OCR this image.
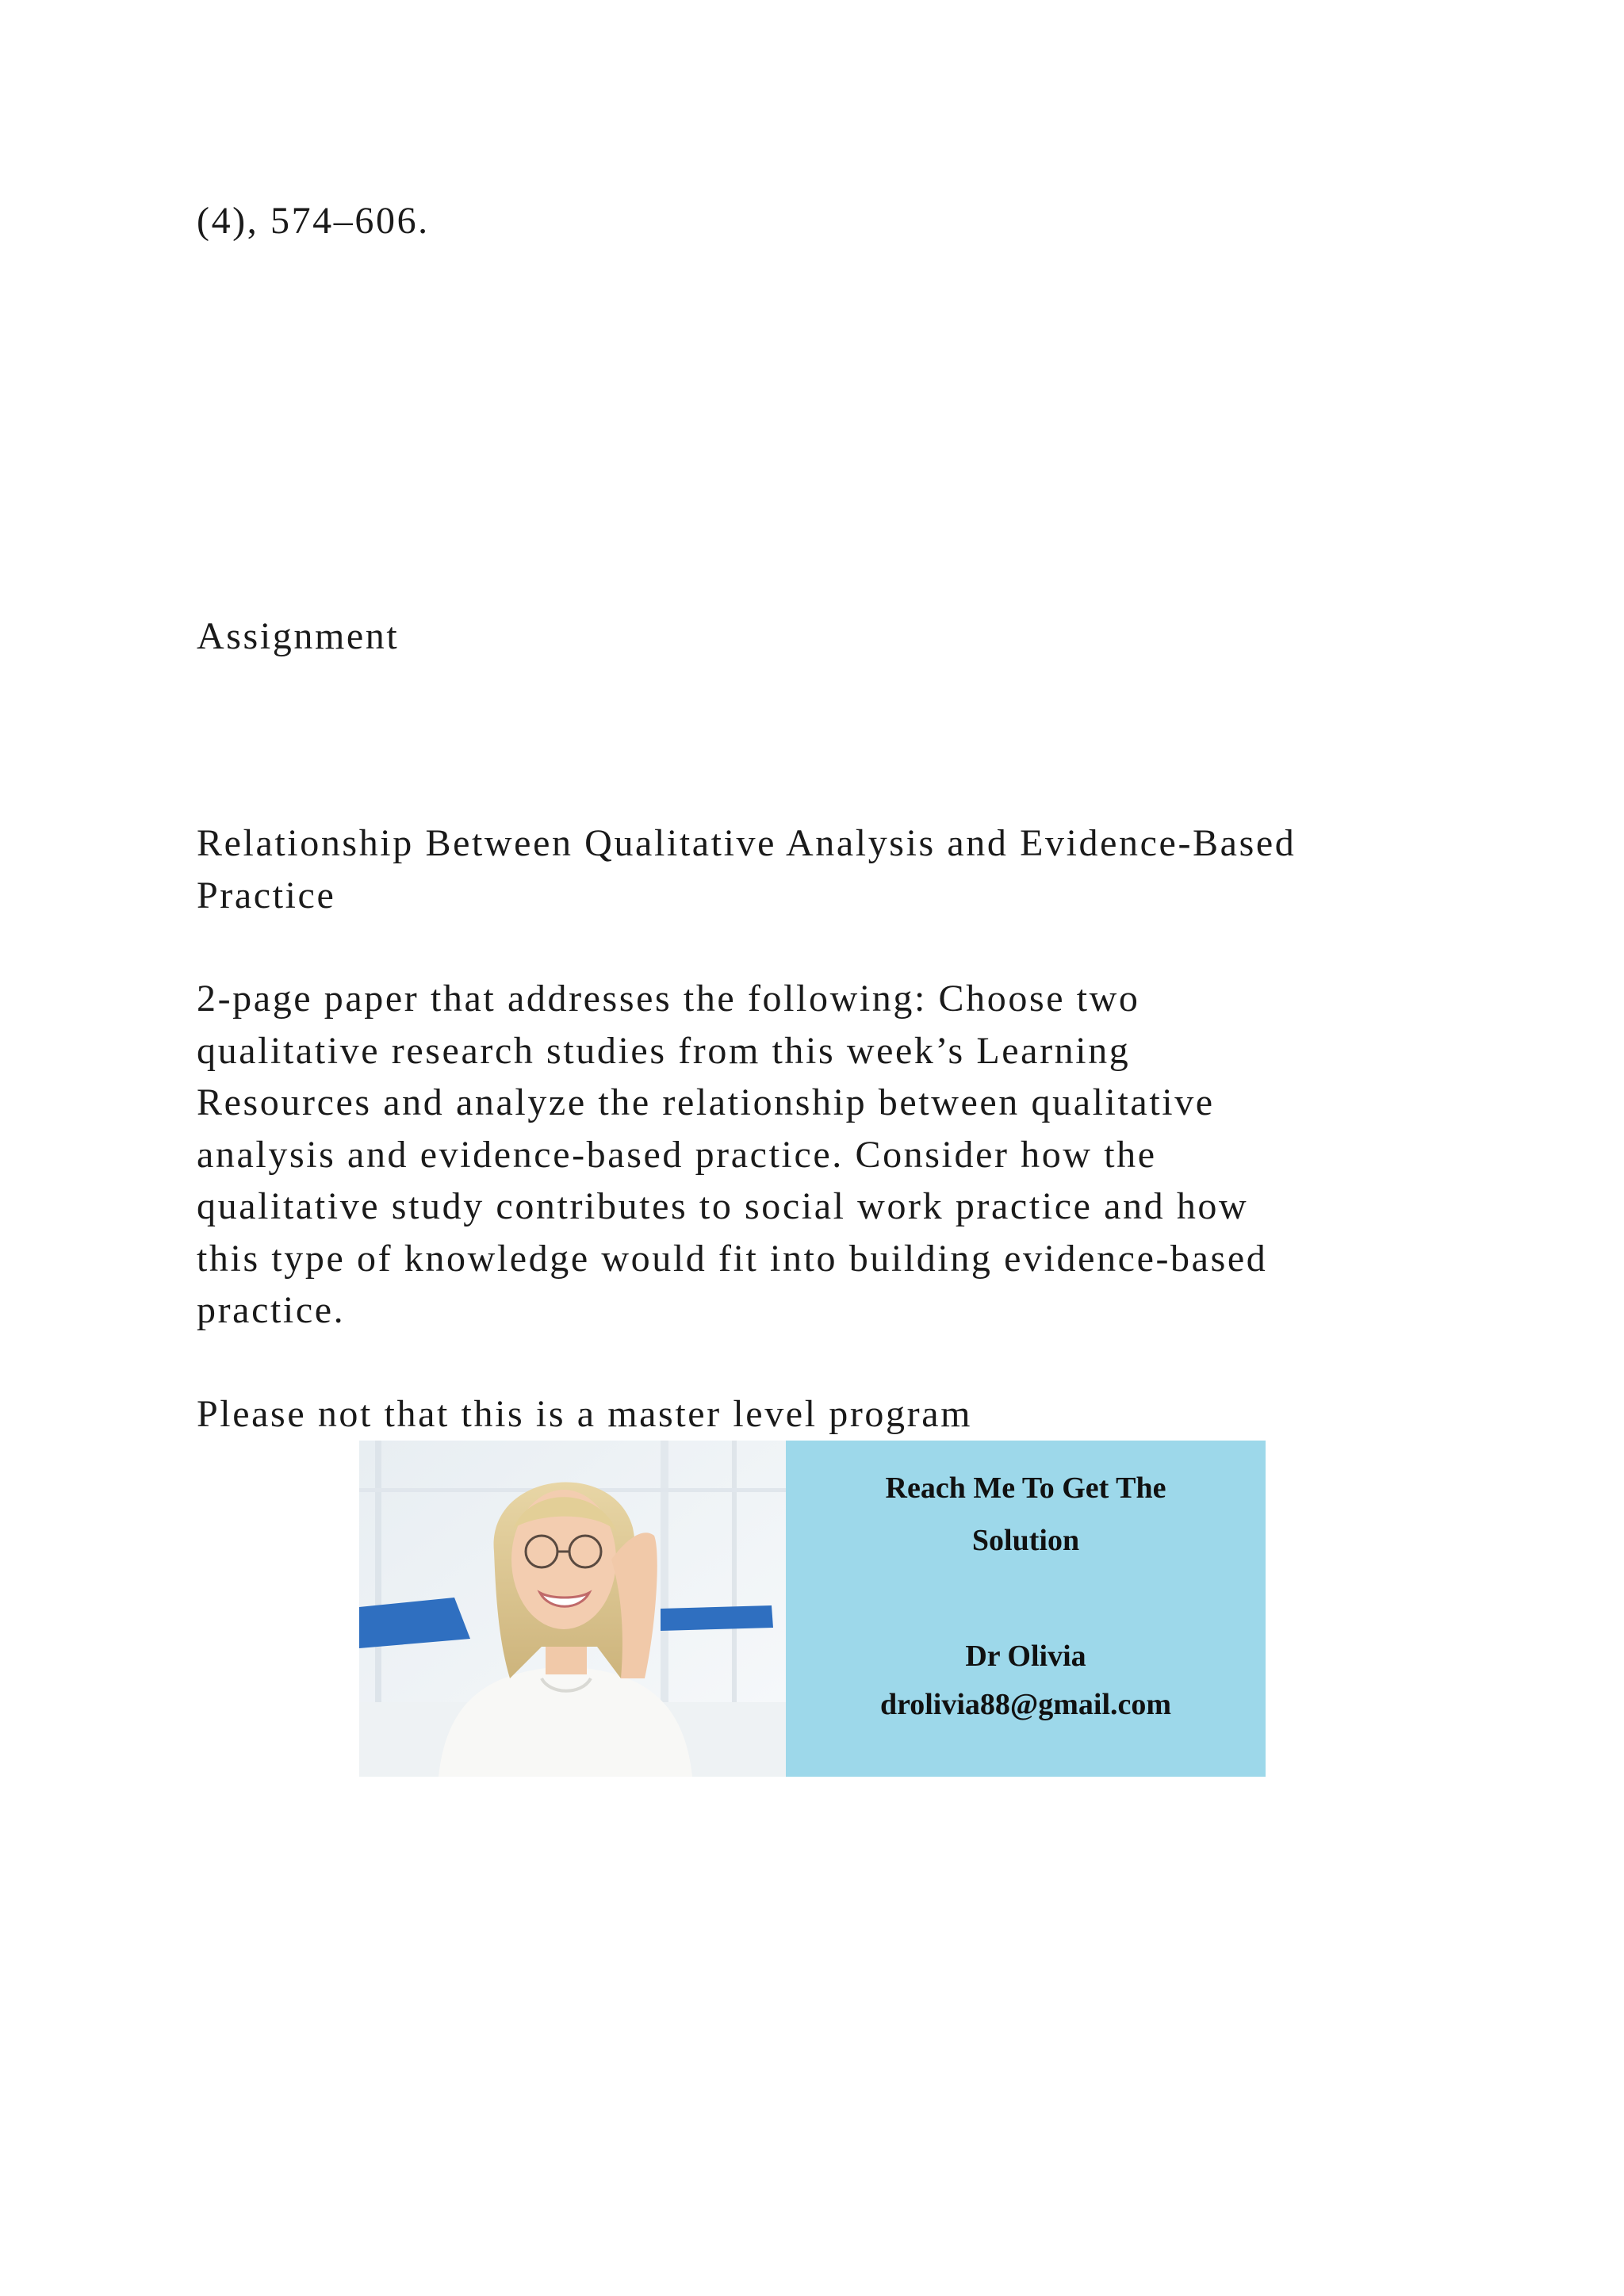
(4), 574–606.

Assignment

Relationship Between Qualitative Analysis and Evidence-Based

Practice

2-page paper that addresses the following: Choose two
qualitative research studies from this week’s Learning
Resources and analyze the relationship between qualitative
analysis and evidence-based practice. Consider how the
qualitative study contributes to social work practice and how
this type of knowledge would fit into building evidence-based
practice.

Please not that this is a master level program

Reach Me To Get The
Solution
Dr Olivia
drolivia88@gmail.com
